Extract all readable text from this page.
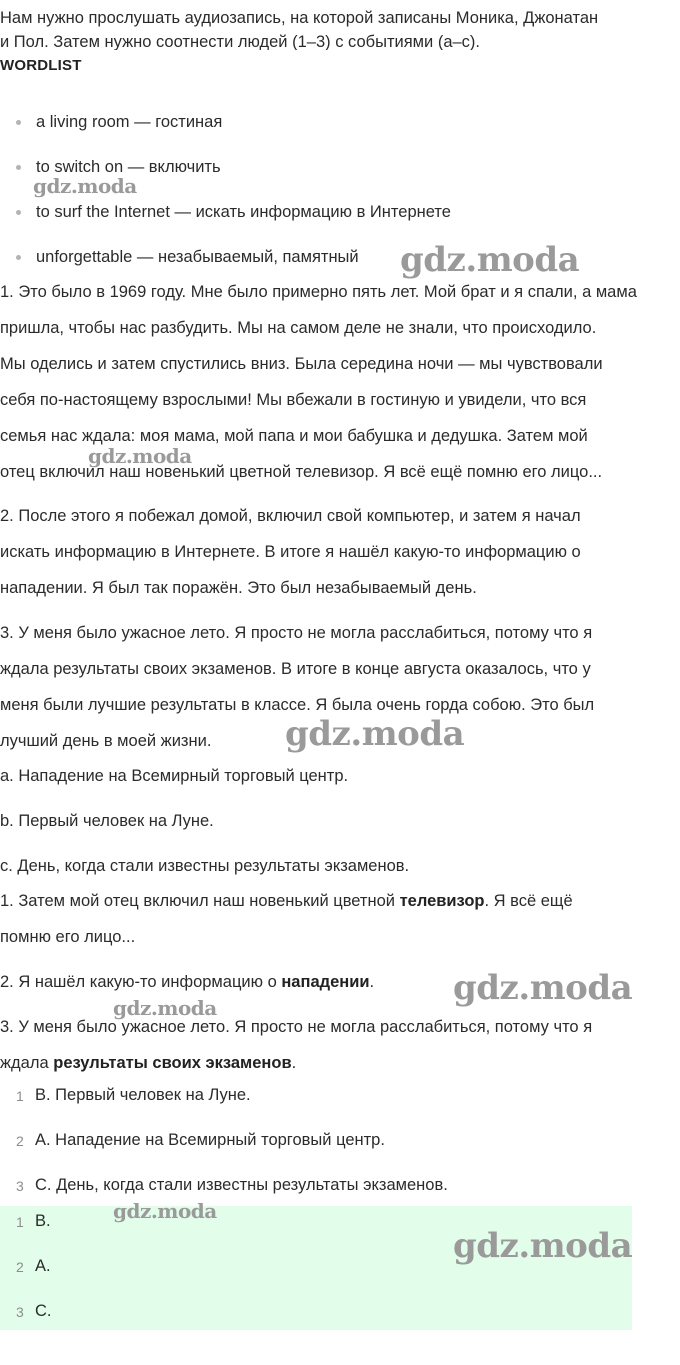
Нам нужно прослушать аудиозапись, на которой записаны Моника, Джонатан
и Пол. Затем нужно соотнести людей (1–3) с событиями (a–c).
WORDLIST
a living room — гостиная
to switch on — включить
to surf the Internet — искать информацию в Интернете
unforgettable — незабываемый, памятный
1. Это было в 1969 году. Мне было примерно пять лет. Мой брат и я спали, а мама
пришла, чтобы нас разбудить. Мы на самом деле не знали, что происходило.
Мы оделись и затем спустились вниз. Была середина ночи — мы чувствовали
себя по-настоящему взрослыми! Мы вбежали в гостиную и увидели, что вся
семья нас ждала: моя мама, мой папа и мои бабушка и дедушка. Затем мой
отец включил наш новенький цветной телевизор. Я всё ещё помню его лицо...
2. После этого я побежал домой, включил свой компьютер, и затем я начал
искать информацию в Интернете. В итоге я нашёл какую-то информацию о
нападении. Я был так поражён. Это был незабываемый день.
3. У меня было ужасное лето. Я просто не могла расслабиться, потому что я
ждала результаты своих экзаменов. В итоге в конце августа оказалось, что у
меня были лучшие результаты в классе. Я была очень горда собою. Это был
лучший день в моей жизни.
a. Нападение на Всемирный торговый центр.
b. Первый человек на Луне.
c. День, когда стали известны результаты экзаменов.
1. Затем мой отец включил наш новенький цветной телевизор. Я всё ещё
помню его лицо...
2. Я нашёл какую-то информацию о нападении.
3. У меня было ужасное лето. Я просто не могла расслабиться, потому что я
ждала результаты своих экзаменов.
1 B. Первый человек на Луне.
2 A. Нападение на Всемирный торговый центр.
3 C. День, когда стали известны результаты экзаменов.
1 B.
2 A.
3 C.
gdz.moda
gdz.moda
gdz.moda
gdz.moda
gdz.moda
gdz.moda
gdz.moda
gdz.moda
